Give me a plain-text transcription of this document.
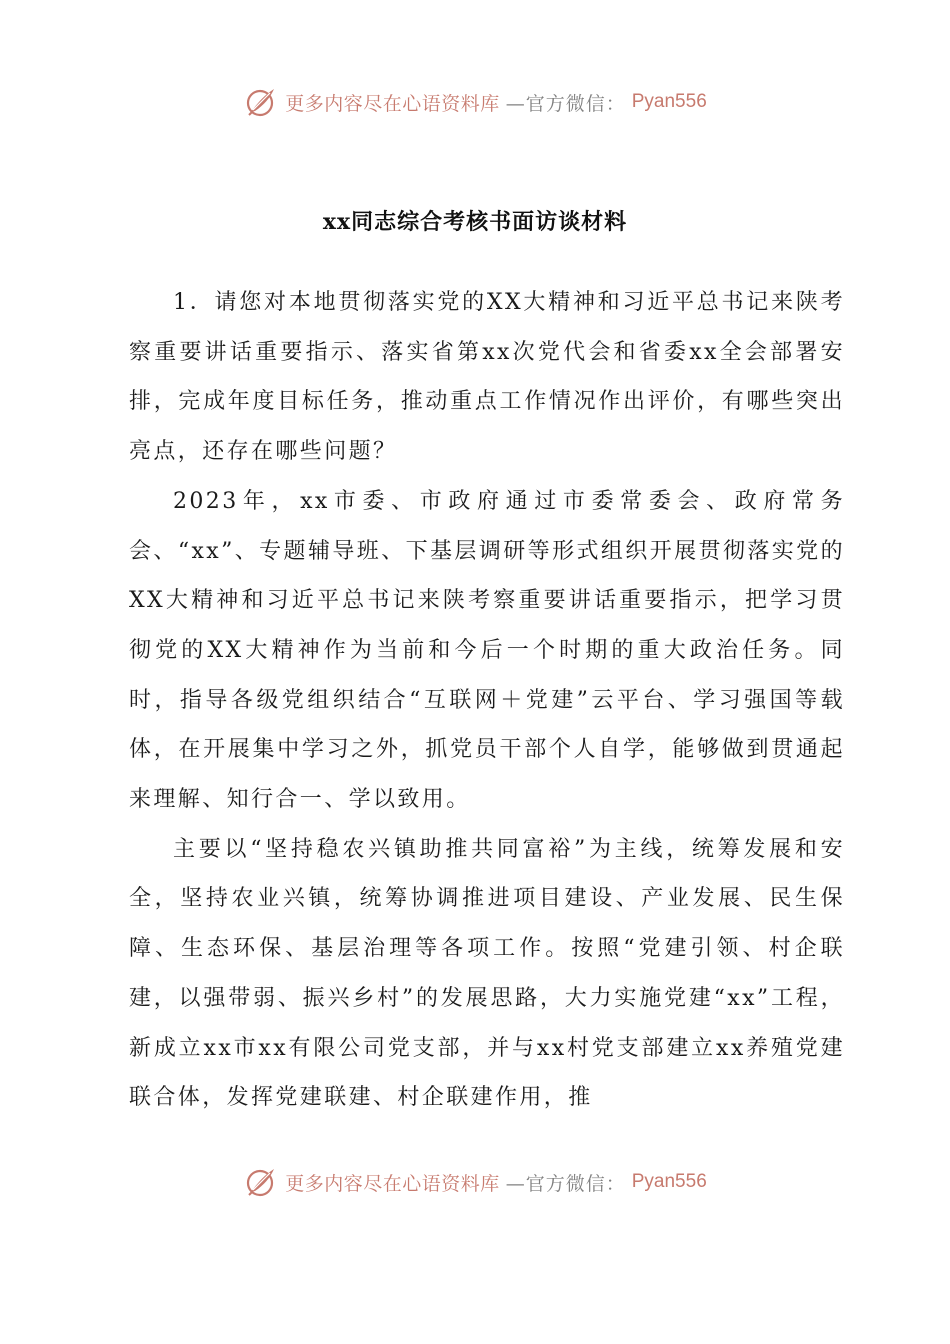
更多内容尽在心语资料库 —官方微信： Pyan556
xx同志综合考核书面访谈材料

1．请您对本地贯彻落实党的XX大精神和习近平总书记来陕考察重要讲话重要指示、落实省第xx次党代会和省委xx全会部署安排，完成年度目标任务，推动重点工作情况作出评价，有哪些突出亮点，还存在哪些问题？

2023年，xx市委、市政府通过市委常委会、政府常务会、“xx”、专题辅导班、下基层调研等形式组织开展贯彻落实党的XX大精神和习近平总书记来陕考察重要讲话重要指示，把学习贯彻党的XX大精神作为当前和今后一个时期的重大政治任务。同时，指导各级党组织结合“互联网＋党建”云平台、学习强国等载体，在开展集中学习之外，抓党员干部个人自学，能够做到贯通起来理解、知行合一、学以致用。

主要以“坚持稳农兴镇助推共同富裕”为主线，统筹发展和安全，坚持农业兴镇，统筹协调推进项目建设、产业发展、民生保障、生态环保、基层治理等各项工作。按照“党建引领、村企联建，以强带弱、振兴乡村”的发展思路，大力实施党建“xx”工程，新成立xx市xx有限公司党支部，并与xx村党支部建立xx养殖党建联合体，发挥党建联建、村企联建作用，推

更多内容尽在心语资料库 —官方微信： Pyan556
